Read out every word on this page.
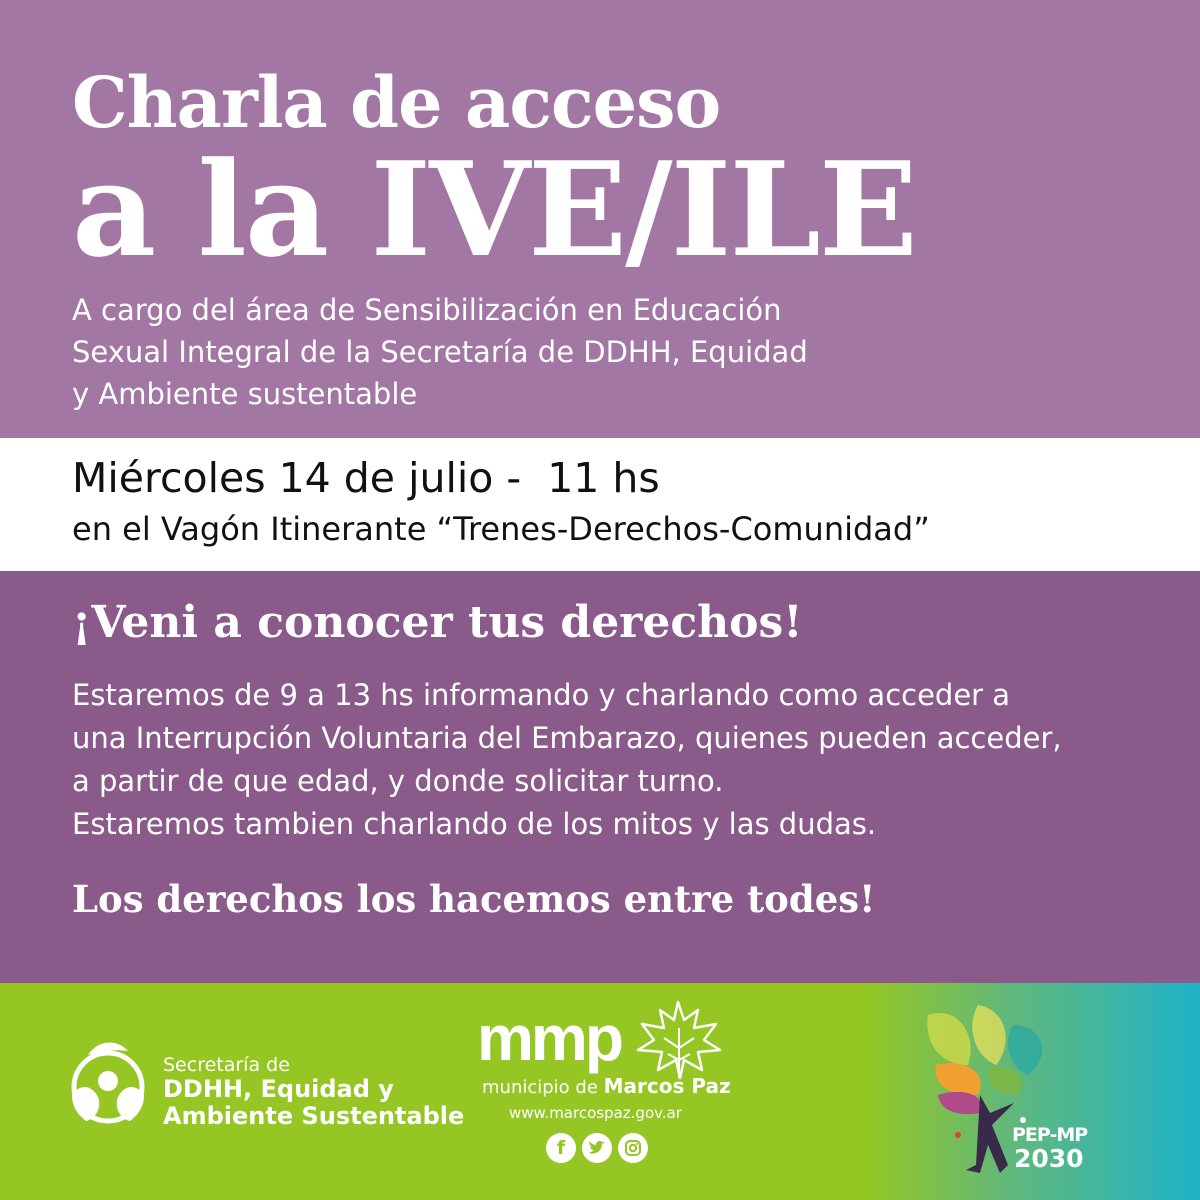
Charla de acceso
a la IVE/ILE

A cargo del área de Sensibilización en Educación
Sexual Integral de la Secretaría de DDHH, Equidad
y Ambiente sustentable

Miércoles 14 de julio -  11 hs
en el Vagón Itinerante “Trenes-Derechos-Comunidad”
¡Veni a conocer tus derechos!

Estaremos de 9 a 13 hs informando y charlando como acceder a
una Interrupción Voluntaria del Embarazo, quienes pueden acceder,
a partir de que edad, y donde solicitar turno.
Estaremos tambien charlando de los mitos y las dudas.

Los derechos los hacemos entre todes!
Secretaría de
DDHH, Equidad y
Ambiente Sustentable
mmp
municipio de Marcos Paz
www.marcospaz.gov.ar
f
PEP-MP
2030
